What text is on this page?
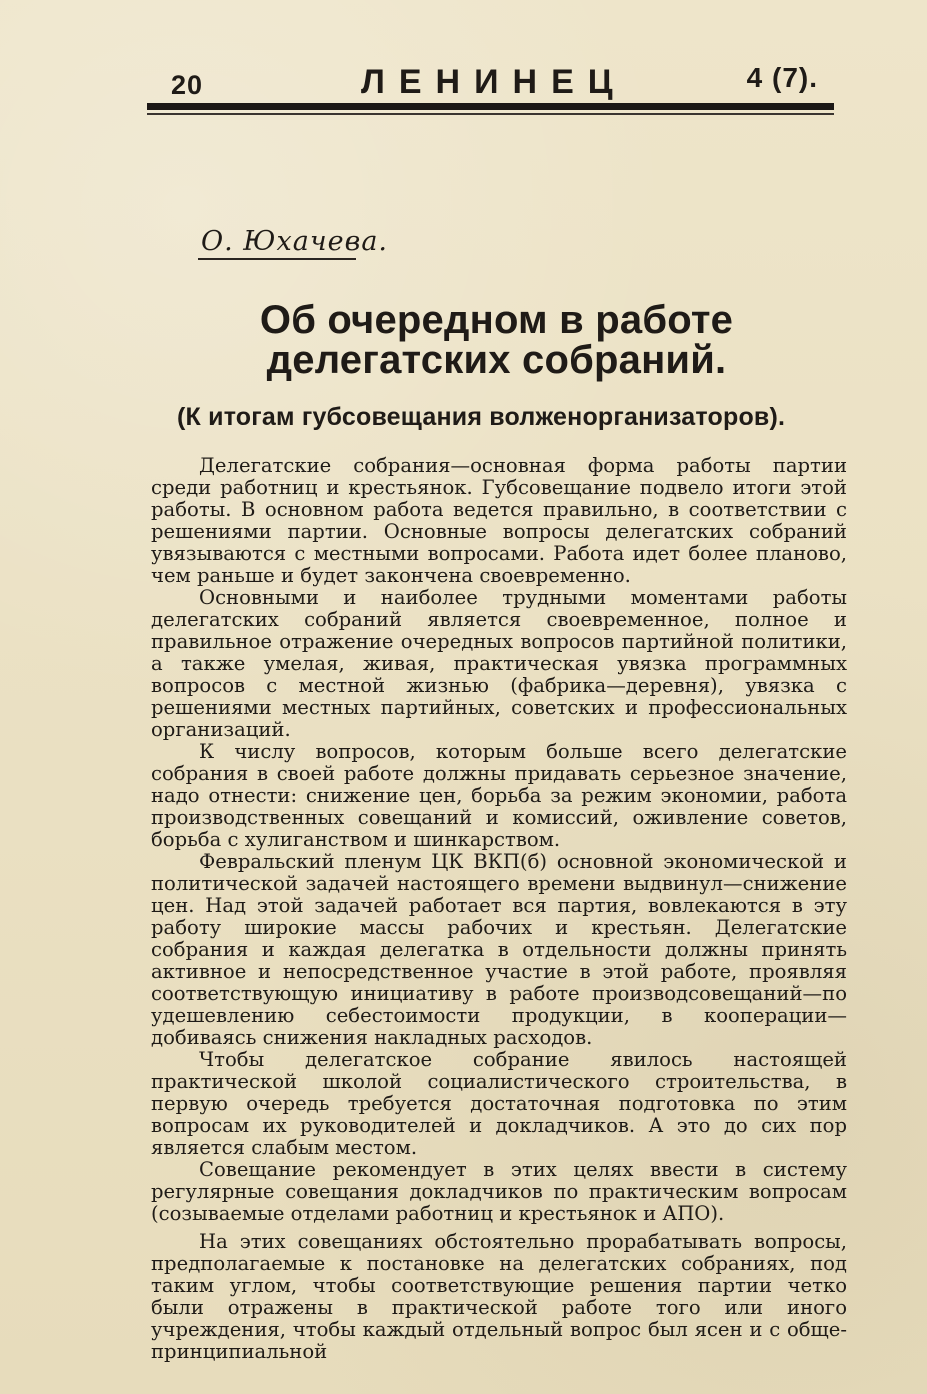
20	ЛЕНИНЕЦ	4 (7).
О. Юхачева.
Об очередном в работе делегатских собраний.
(К итогам губсовещания волженорганизаторов).

Делегатские собрания—основная форма работы партии среди работниц и крестьянок. Губсовещание подвело итоги этой работы. В основном работа ведется правильно, в соответствии с решениями партии. Основные вопросы делегатских собраний увязываются с местными вопросами. Работа идет более планово, чем раньше и будет закончена своевременно.

Основными и наиболее трудными моментами работы делегатских собраний является своевременное, полное и правильное отражение очередных вопросов партийной политики, а также умелая, живая, практическая увязка программных вопросов с местной жизнью (фабрика—деревня), увязка с решениями местных партийных, советских и профессиональных организаций.

К числу вопросов, которым больше всего делегатские собрания в своей работе должны придавать серьезное значение, надо отнести: снижение цен, борьба за режим экономии, работа производственных совещаний и комиссий, оживление советов, борьба с хулиганством и шинкарством.

Февральский пленум ЦК ВКП(б) основной экономической и политической задачей настоящего времени выдвинул—снижение цен. Над этой задачей работает вся партия, вовлекаются в эту работу широкие массы рабочих и крестьян. Делегатские собрания и каждая делегатка в отдельности должны принять активное и непосредственное участие в этой работе, проявляя соответствующую инициативу в работе производсовещаний—по удешевлению себестоимости продукции, в кооперации—добиваясь снижения накладных расходов.

Чтобы делегатское собрание явилось настоящей практической школой социалистического строительства, в первую очередь требуется достаточная подготовка по этим вопросам их руководителей и докладчиков. А это до сих пор является слабым местом.

Совещание рекомендует в этих целях ввести в систему регулярные совещания докладчиков по практическим вопросам (созываемые отделами работниц и крестьянок и АПО).

На этих совещаниях обстоятельно прорабатывать вопросы, предполагаемые к постановке на делегатских собраниях, под таким углом, чтобы соответствующие решения партии четко были отражены в практической работе того или иного учреждения, чтобы каждый отдельный вопрос был ясен и с обще-принципиальной
